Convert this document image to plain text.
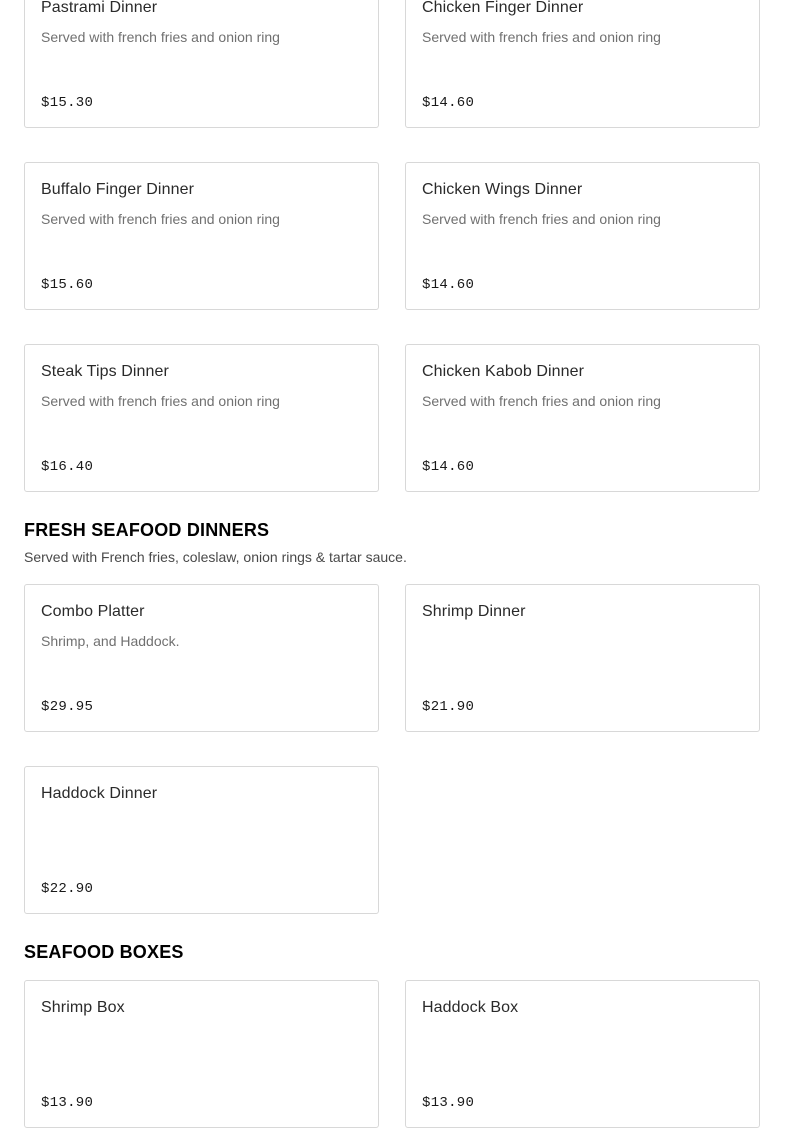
Pastrami Dinner
Served with french fries and onion ring
$15.30
Chicken Finger Dinner
Served with french fries and onion ring
$14.60
Buffalo Finger Dinner
Served with french fries and onion ring
$15.60
Chicken Wings Dinner
Served with french fries and onion ring
$14.60
Steak Tips Dinner
Served with french fries and onion ring
$16.40
Chicken Kabob Dinner
Served with french fries and onion ring
$14.60
FRESH SEAFOOD DINNERS
Served with French fries, coleslaw, onion rings & tartar sauce.
Combo Platter
Shrimp, and Haddock.
$29.95
Shrimp Dinner
$21.90
Haddock Dinner
$22.90
SEAFOOD BOXES
Shrimp Box
$13.90
Haddock Box
$13.90
